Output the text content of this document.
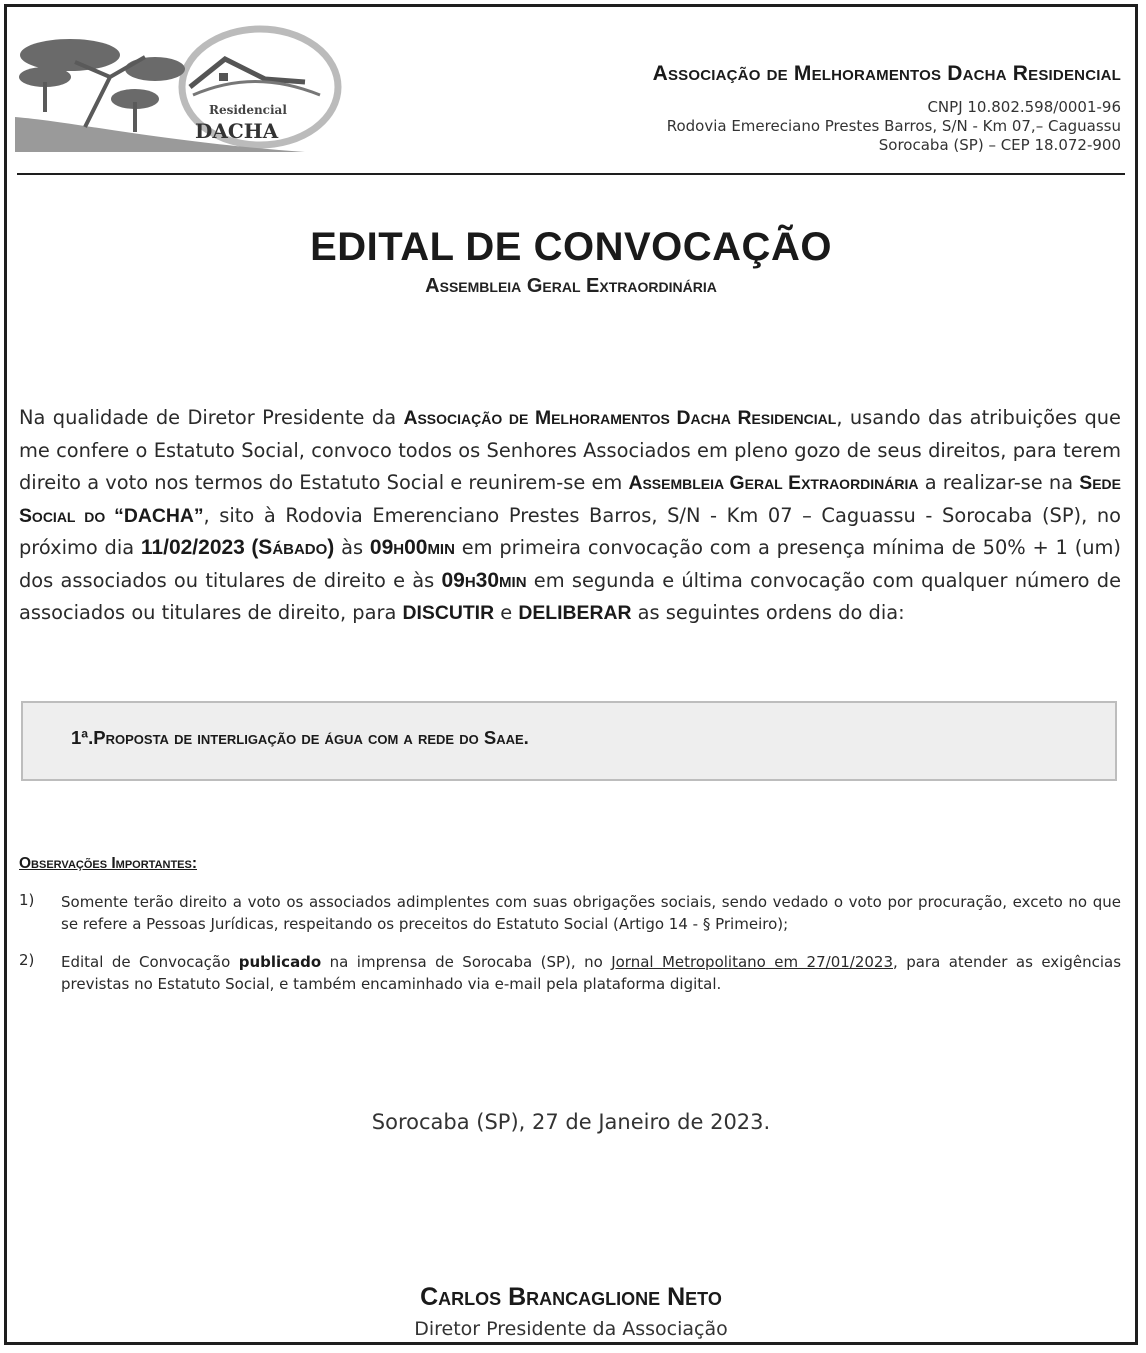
Residencial
DACHA
Associação de Melhoramentos Dacha Residencial
CNPJ 10.802.598/0001-96
Rodovia Emereciano Prestes Barros, S/N - Km 07,– Caguassu
Sorocaba (SP) – CEP 18.072-900
EDITAL DE CONVOCAÇÃO
Assembleia Geral Extraordinária
Na qualidade de Diretor Presidente da Associação de Melhoramentos Dacha Residencial, usando das atribuições que me confere o Estatuto Social, convoco todos os Senhores Associados em pleno gozo de seus direitos, para terem direito a voto nos termos do Estatuto Social e reunirem-se em Assembleia Geral Extraordinária a realizar-se na Sede Social do “DACHA”, sito à Rodovia Emerenciano Prestes Barros, S/N - Km 07 – Caguassu - Sorocaba (SP), no próximo dia 11/02/2023 (Sábado) às 09h00min em primeira convocação com a presença mínima de 50% + 1 (um) dos associados ou titulares de direito e às 09h30min em segunda e última convocação com qualquer número de associados ou titulares de direito, para DISCUTIR e DELIBERAR as seguintes ordens do dia:
1ª.Proposta de interligação de água com a rede do Saae.
Observações Importantes:
1)	Somente terão direito a voto os associados adimplentes com suas obrigações sociais, sendo vedado o voto por procuração, exceto no que se refere a Pessoas Jurídicas, respeitando os preceitos do Estatuto Social (Artigo 14 - § Primeiro);
2)	Edital de Convocação publicado na imprensa de Sorocaba (SP), no Jornal Metropolitano em 27/01/2023, para atender as exigências previstas no Estatuto Social, e também encaminhado via e-mail pela plataforma digital.
Sorocaba (SP), 27 de Janeiro de 2023.
Carlos Brancaglione Neto
Diretor Presidente da Associação
